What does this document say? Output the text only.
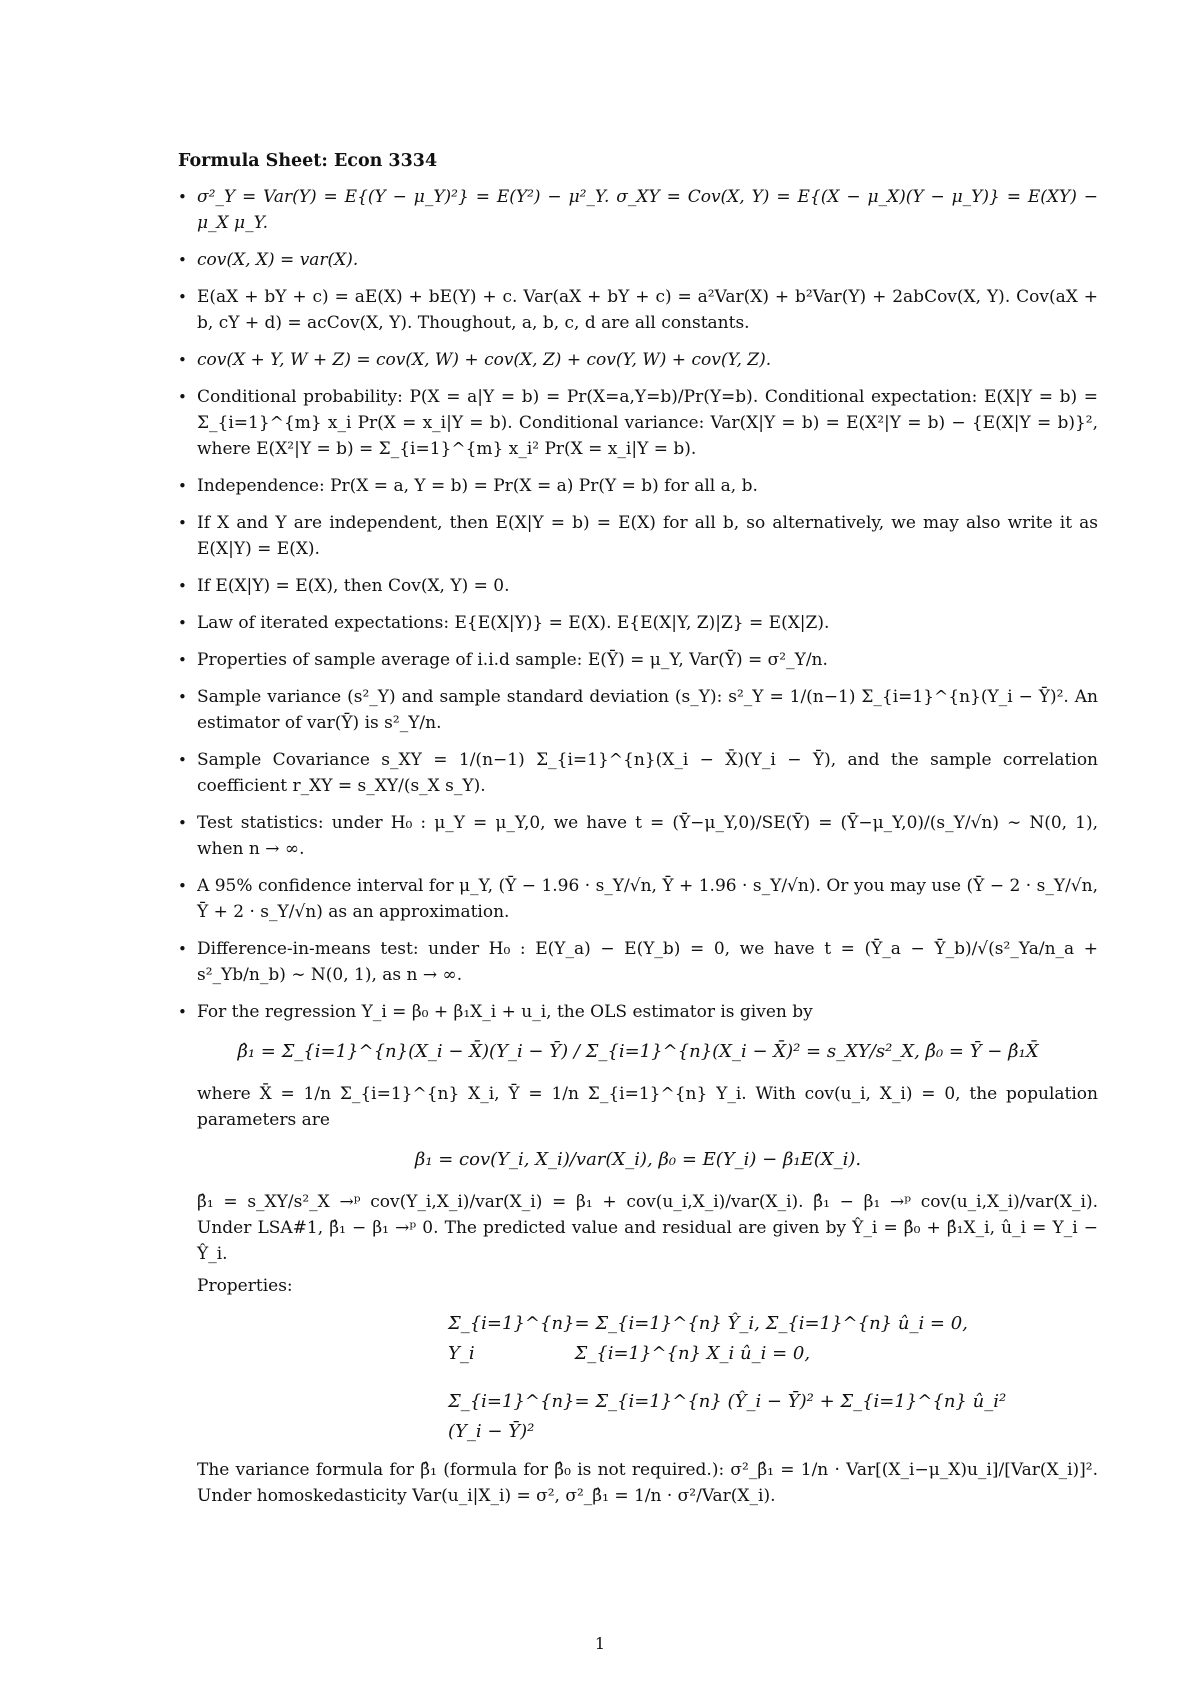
Formula Sheet: Econ 3334
• σ²_Y = Var(Y) = E{(Y − μ_Y)²} = E(Y²) − μ²_Y. σ_XY = Cov(X, Y) = E{(X − μ_X)(Y − μ_Y)} = E(XY) − μ_X μ_Y.
• cov(X, X) = var(X).
• E(aX + bY + c) = aE(X) + bE(Y) + c. Var(aX + bY + c) = a²Var(X) + b²Var(Y) + 2abCov(X, Y). Cov(aX + b, cY + d) = acCov(X, Y). Thoughout, a, b, c, d are all constants.
• cov(X + Y, W + Z) = cov(X, W) + cov(X, Z) + cov(Y, W) + cov(Y, Z).
• Conditional probability: P(X = a|Y = b) = Pr(X=a,Y=b)/Pr(Y=b). Conditional expectation: E(X|Y = b) = Σ_{i=1}^{m} x_i Pr(X = x_i|Y = b). Conditional variance: Var(X|Y = b) = E(X²|Y = b) − {E(X|Y = b)}², where E(X²|Y = b) = Σ_{i=1}^{m} x_i² Pr(X = x_i|Y = b).
• Independence: Pr(X = a, Y = b) = Pr(X = a) Pr(Y = b) for all a, b.
• If X and Y are independent, then E(X|Y = b) = E(X) for all b, so alternatively, we may also write it as E(X|Y) = E(X).
• If E(X|Y) = E(X), then Cov(X, Y) = 0.
• Law of iterated expectations: E{E(X|Y)} = E(X). E{E(X|Y, Z)|Z} = E(X|Z).
• Properties of sample average of i.i.d sample: E(Ȳ) = μ_Y, Var(Ȳ) = σ²_Y/n.
• Sample variance (s²_Y) and sample standard deviation (s_Y): s²_Y = 1/(n−1) Σ_{i=1}^{n}(Y_i − Ȳ)². An estimator of var(Ȳ) is s²_Y/n.
• Sample Covariance s_XY = 1/(n−1) Σ_{i=1}^{n}(X_i − X̄)(Y_i − Ȳ), and the sample correlation coefficient r_XY = s_XY/(s_X s_Y).
• Test statistics: under H₀ : μ_Y = μ_Y,0, we have t = (Ȳ−μ_Y,0)/SE(Ȳ) = (Ȳ−μ_Y,0)/(s_Y/√n) ∼ N(0, 1), when n → ∞.
• A 95% confidence interval for μ_Y, (Ȳ − 1.96 · s_Y/√n, Ȳ + 1.96 · s_Y/√n). Or you may use (Ȳ − 2 · s_Y/√n, Ȳ + 2 · s_Y/√n) as an approximation.
• Difference-in-means test: under H₀ : E(Y_a) − E(Y_b) = 0, we have t = (Ȳ_a − Ȳ_b)/√(s²_Ya/n_a + s²_Yb/n_b) ∼ N(0, 1), as n → ∞.
• For the regression Y_i = β₀ + β₁X_i + u_i, the OLS estimator is given by
β̂₁ = Σ_{i=1}^{n}(X_i − X̄)(Y_i − Ȳ) / Σ_{i=1}^{n}(X_i − X̄)² = s_XY/s²_X, β̂₀ = Ȳ − β̂₁X̄
where X̄ = 1/n Σ_{i=1}^{n} X_i, Ȳ = 1/n Σ_{i=1}^{n} Y_i. With cov(u_i, X_i) = 0, the population parameters are
β₁ = cov(Y_i, X_i)/var(X_i), β₀ = E(Y_i) − β₁E(X_i).
β̂₁ = s_XY/s²_X →ᵖ cov(Y_i,X_i)/var(X_i) = β₁ + cov(u_i,X_i)/var(X_i). β̂₁ − β₁ →ᵖ cov(u_i,X_i)/var(X_i). Under LSA#1, β̂₁ − β₁ →ᵖ 0. The predicted value and residual are given by Ŷ_i = β̂₀ + β̂₁X_i, û_i = Y_i − Ŷ_i.
Properties:
Σ_{i=1}^{n} Y_i
= Σ_{i=1}^{n} Ŷ_i, Σ_{i=1}^{n} û_i = 0, Σ_{i=1}^{n} X_i û_i = 0,
Σ_{i=1}^{n} (Y_i − Ȳ)²
= Σ_{i=1}^{n} (Ŷ_i − Ȳ)² + Σ_{i=1}^{n} û_i²
The variance formula for β̂₁ (formula for β̂₀ is not required.): σ²_β̂₁ = 1/n · Var[(X_i−μ_X)u_i]/[Var(X_i)]². Under homoskedasticity Var(u_i|X_i) = σ², σ²_β̂₁ = 1/n · σ²/Var(X_i).
1
